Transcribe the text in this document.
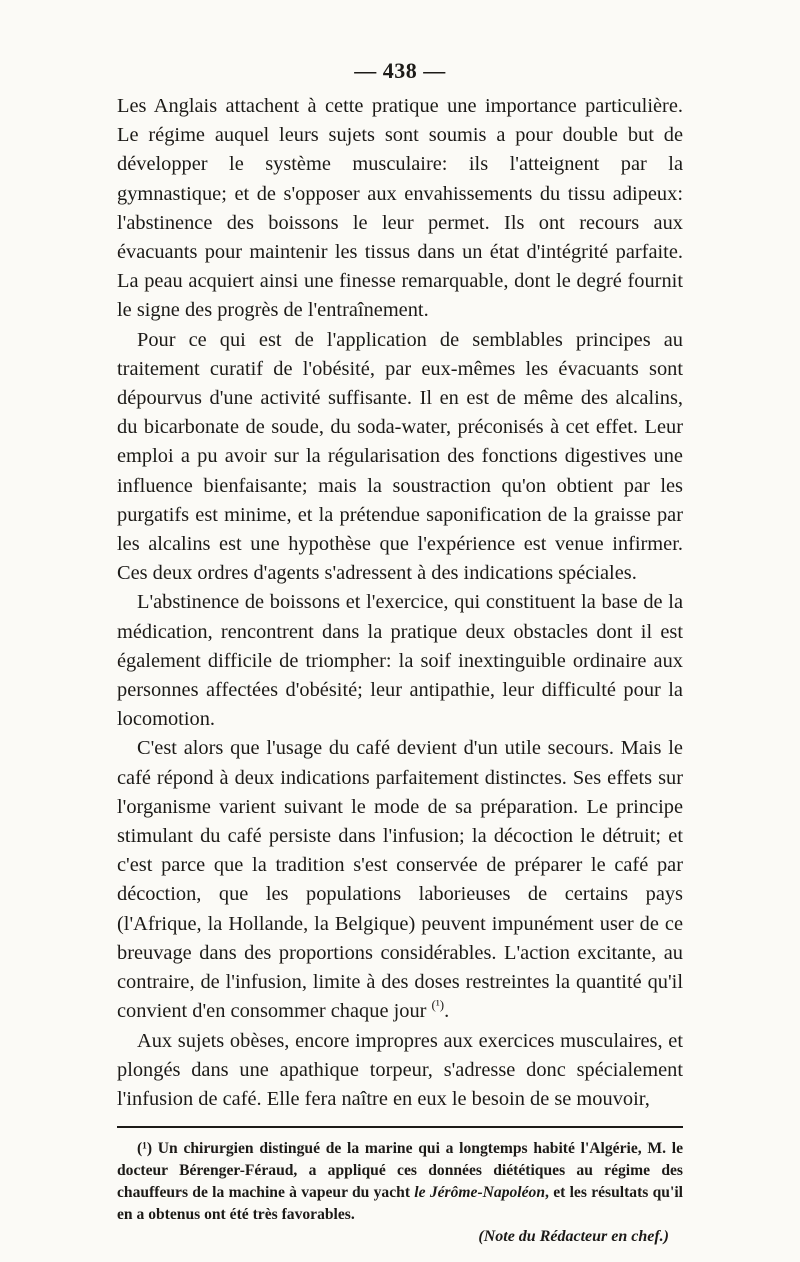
— 438 —

Les Anglais attachent à cette pratique une importance particulière. Le régime auquel leurs sujets sont soumis a pour double but de développer le système musculaire: ils l'atteignent par la gymnastique; et de s'opposer aux envahissements du tissu adipeux: l'abstinence des boissons le leur permet. Ils ont recours aux évacuants pour maintenir les tissus dans un état d'intégrité parfaite. La peau acquiert ainsi une finesse remarquable, dont le degré fournit le signe des progrès de l'entraînement.

Pour ce qui est de l'application de semblables principes au traitement curatif de l'obésité, par eux-mêmes les évacuants sont dépourvus d'une activité suffisante. Il en est de même des alcalins, du bicarbonate de soude, du soda-water, préconisés à cet effet. Leur emploi a pu avoir sur la régularisation des fonctions digestives une influence bienfaisante; mais la soustraction qu'on obtient par les purgatifs est minime, et la prétendue saponification de la graisse par les alcalins est une hypothèse que l'expérience est venue infirmer. Ces deux ordres d'agents s'adressent à des indications spéciales.

L'abstinence de boissons et l'exercice, qui constituent la base de la médication, rencontrent dans la pratique deux obstacles dont il est également difficile de triompher: la soif inextinguible ordinaire aux personnes affectées d'obésité; leur antipathie, leur difficulté pour la locomotion.

C'est alors que l'usage du café devient d'un utile secours. Mais le café répond à deux indications parfaitement distinctes. Ses effets sur l'organisme varient suivant le mode de sa préparation. Le principe stimulant du café persiste dans l'infusion; la décoction le détruit; et c'est parce que la tradition s'est conservée de préparer le café par décoction, que les populations laborieuses de certains pays (l'Afrique, la Hollande, la Belgique) peuvent impunément user de ce breuvage dans des proportions considérables. L'action excitante, au contraire, de l'infusion, limite à des doses restreintes la quantité qu'il convient d'en consommer chaque jour $^{(^1)}$.

Aux sujets obèses, encore impropres aux exercices musculaires, et plongés dans une apathique torpeur, s'adresse donc spécialement l'infusion de café. Elle fera naître en eux le besoin de se mouvoir,

(¹) Un chirurgien distingué de la marine qui a longtemps habité l'Algérie, M. le docteur Bérenger-Féraud, a appliqué ces données diététiques au régime des chauffeurs de la machine à vapeur du yacht le Jérôme-Napoléon, et les résultats qu'il en a obtenus ont été très favorables.

(Note du Rédacteur en chef.)
